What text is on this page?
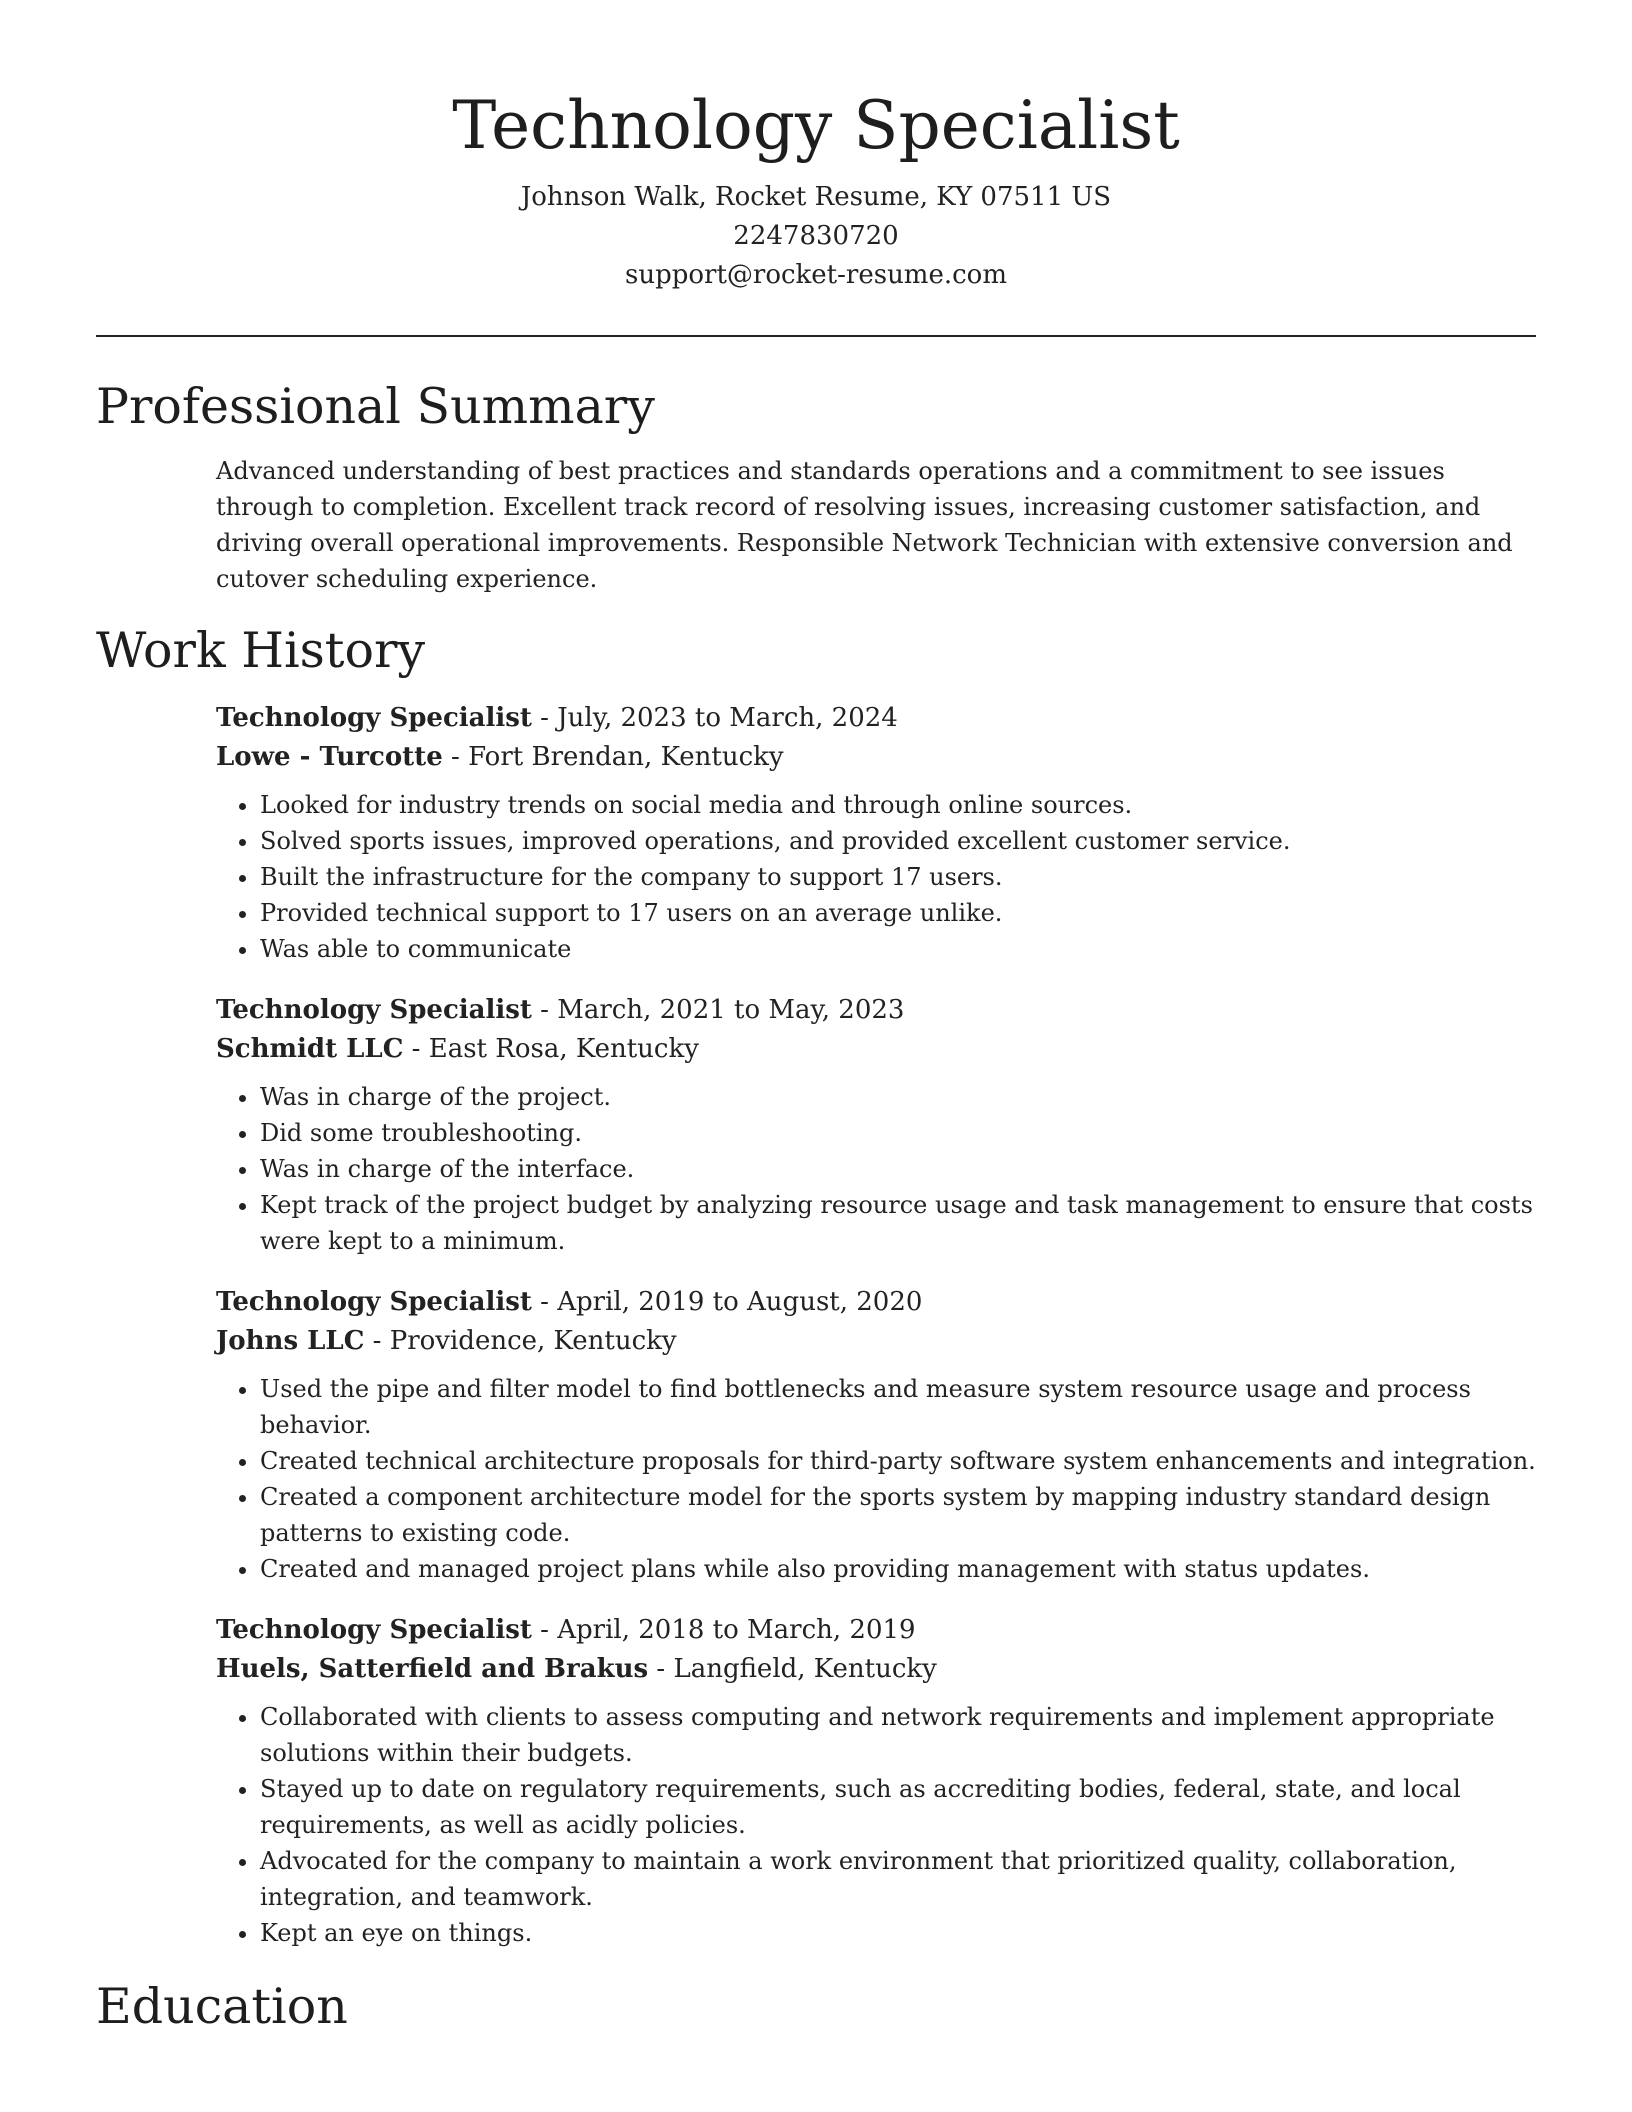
Technology Specialist
Johnson Walk, Rocket Resume, KY 07511 US
2247830720
support@rocket-resume.com
Professional Summary

Advanced understanding of best practices and standards operations and a commitment to see issues through to completion. Excellent track record of resolving issues, increasing customer satisfaction, and driving overall operational improvements. Responsible Network Technician with extensive conversion and cutover scheduling experience.

Work History
Technology Specialist - July, 2023 to March, 2024
Lowe - Turcotte - Fort Brendan, Kentucky
• Looked for industry trends on social media and through online sources.
• Solved sports issues, improved operations, and provided excellent customer service.
• Built the infrastructure for the company to support 17 users.
• Provided technical support to 17 users on an average unlike.
• Was able to communicate
Technology Specialist - March, 2021 to May, 2023
Schmidt LLC - East Rosa, Kentucky
• Was in charge of the project.
• Did some troubleshooting.
• Was in charge of the interface.
• Kept track of the project budget by analyzing resource usage and task management to ensure that costs were kept to a minimum.
Technology Specialist - April, 2019 to August, 2020
Johns LLC - Providence, Kentucky
• Used the pipe and filter model to find bottlenecks and measure system resource usage and process behavior.
• Created technical architecture proposals for third-party software system enhancements and integration.
• Created a component architecture model for the sports system by mapping industry standard design patterns to existing code.
• Created and managed project plans while also providing management with status updates.
Technology Specialist - April, 2018 to March, 2019
Huels, Satterfield and Brakus - Langfield, Kentucky
• Collaborated with clients to assess computing and network requirements and implement appropriate solutions within their budgets.
• Stayed up to date on regulatory requirements, such as accrediting bodies, federal, state, and local requirements, as well as acidly policies.
• Advocated for the company to maintain a work environment that prioritized quality, collaboration, integration, and teamwork.
• Kept an eye on things.
Education
